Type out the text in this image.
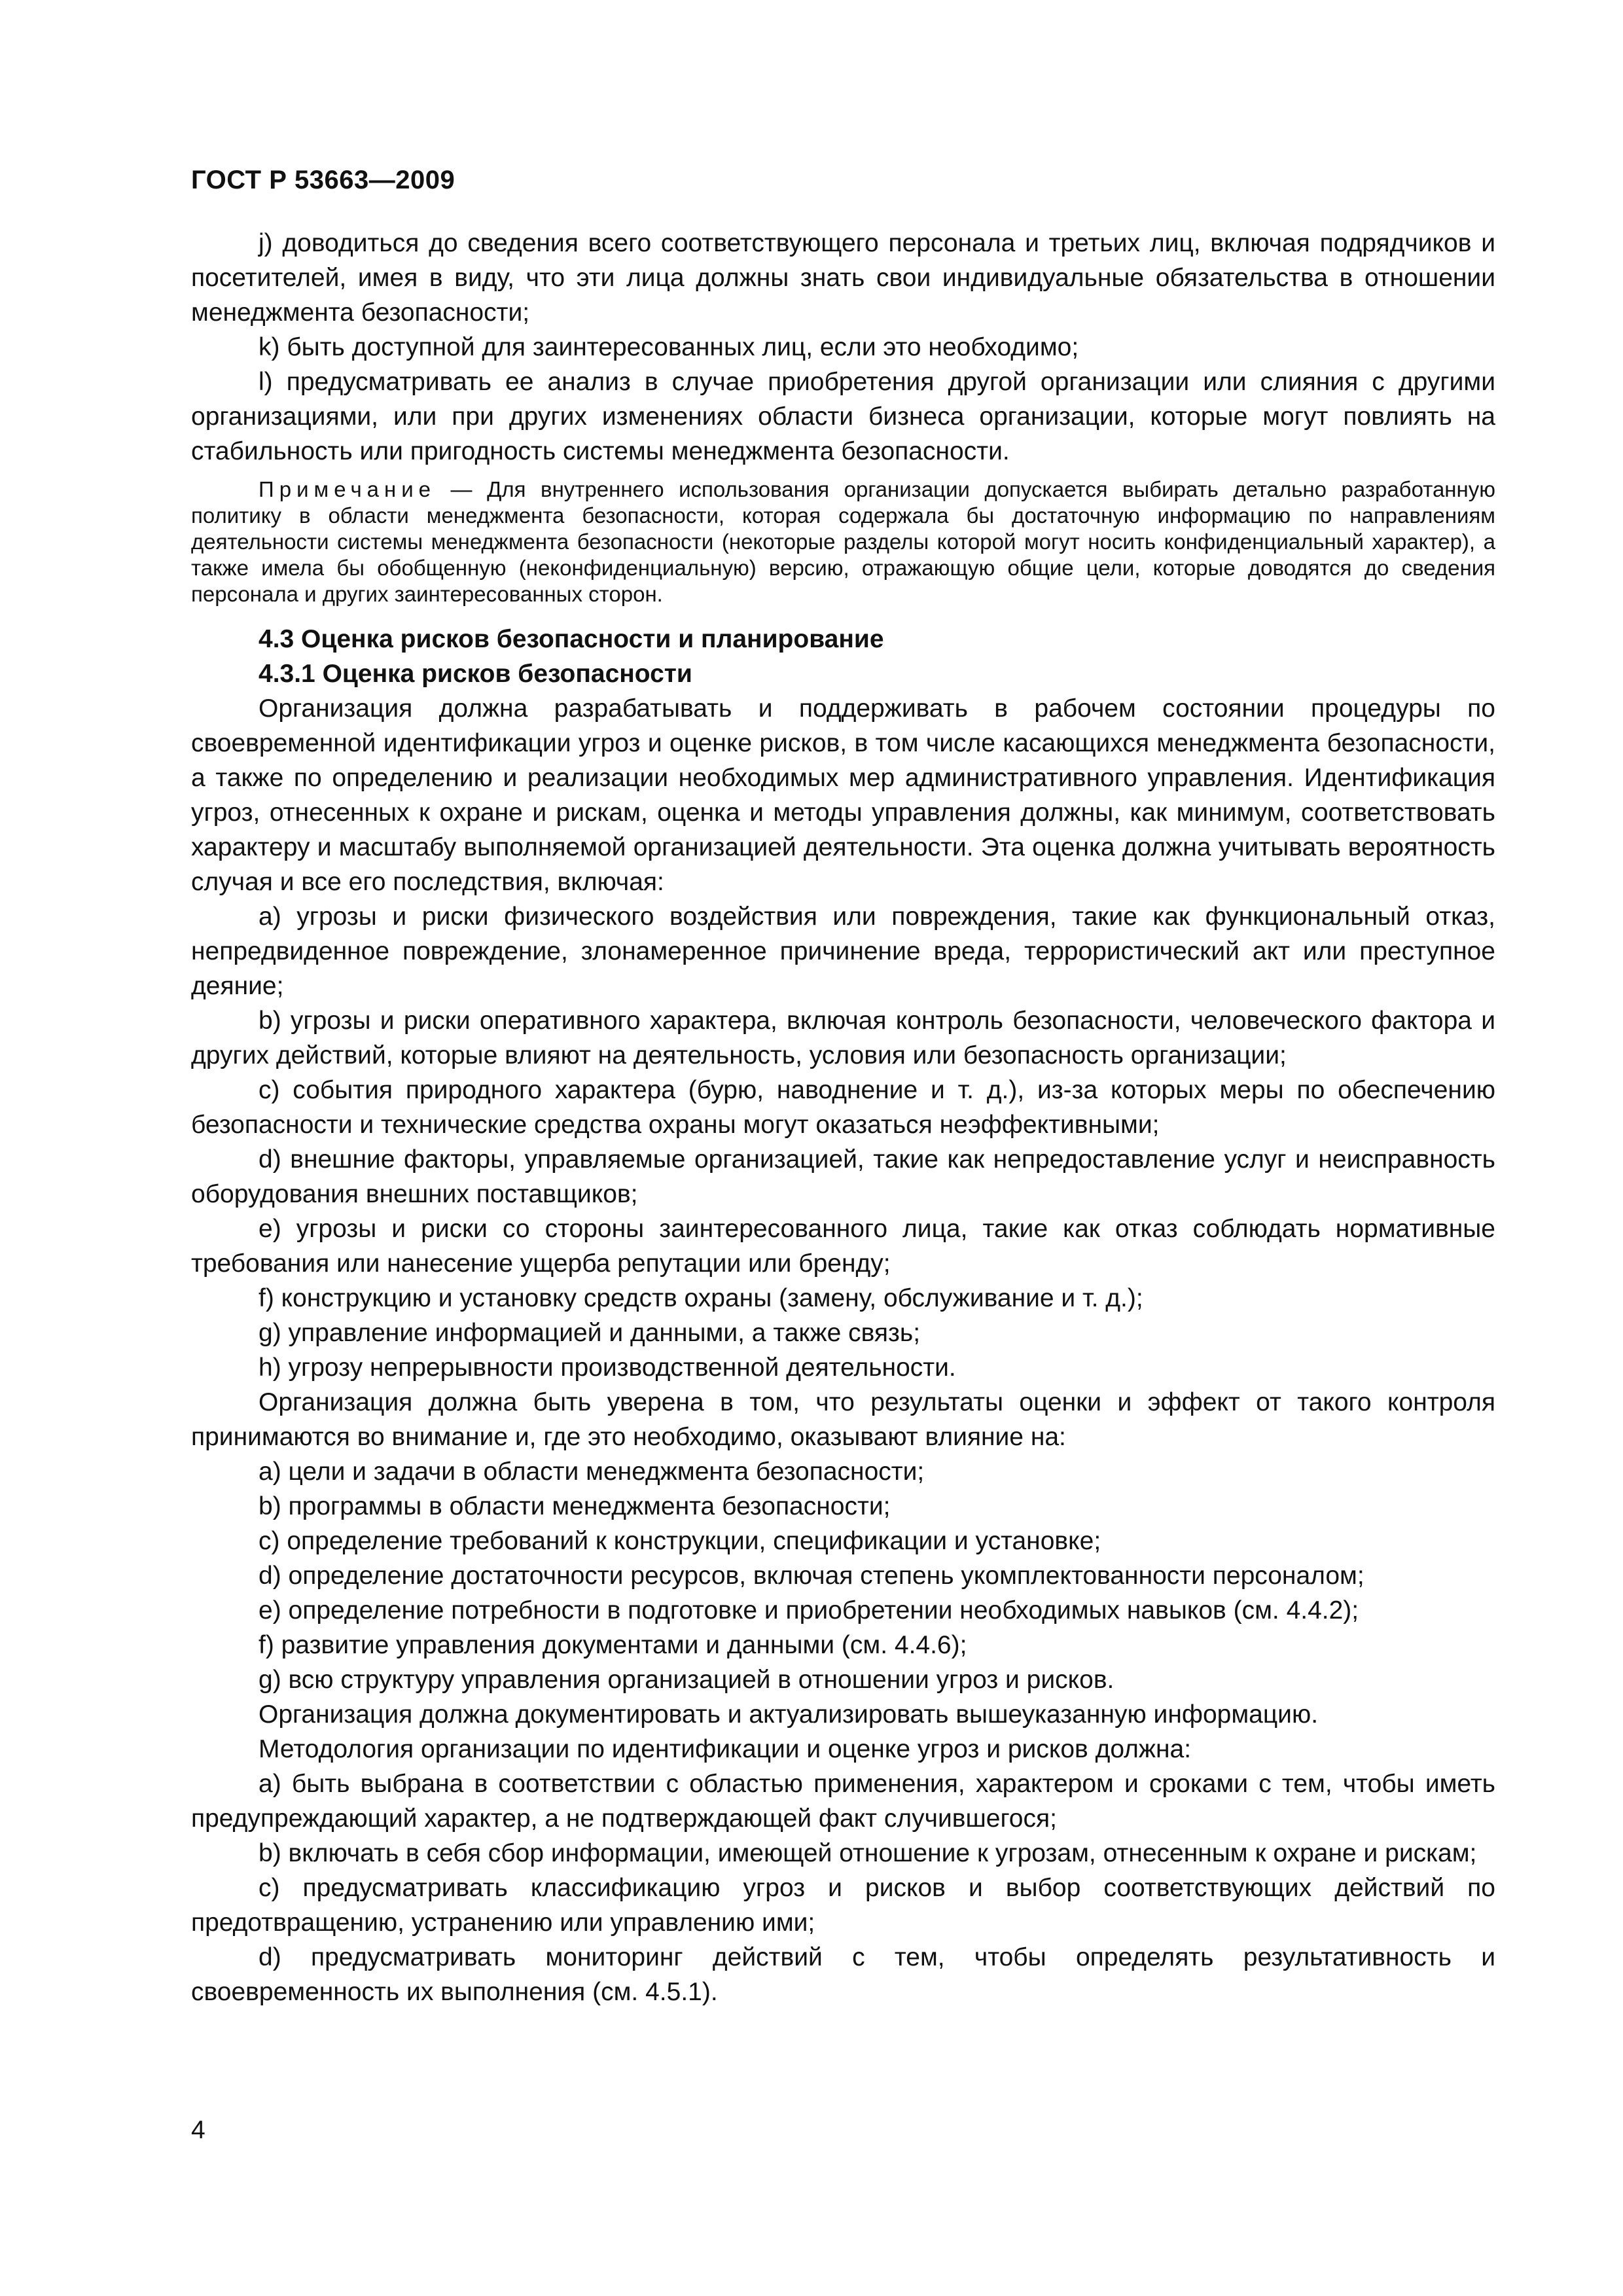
ГОСТ Р 53663—2009

j) доводиться до сведения всего соответствующего персонала и третьих лиц, включая подрядчиков и посетителей, имея в виду, что эти лица должны знать свои индивидуальные обязательства в отношении менеджмента безопасности;

k) быть доступной для заинтересованных лиц, если это необходимо;

l) предусматривать ее анализ в случае приобретения другой организации или слияния с другими организациями, или при других изменениях области бизнеса организации, которые могут повлиять на стабильность или пригодность системы менеджмента безопасности.

Примечание — Для внутреннего использования организации допускается выбирать детально разработанную политику в области менеджмента безопасности, которая содержала бы достаточную информацию по направлениям деятельности системы менеджмента безопасности (некоторые разделы которой могут носить конфиденциальный характер), а также имела бы обобщенную (неконфиденциальную) версию, отражающую общие цели, которые доводятся до сведения персонала и других заинтересованных сторон.

4.3 Оценка рисков безопасности и планирование

4.3.1 Оценка рисков безопасности

Организация должна разрабатывать и поддерживать в рабочем состоянии процедуры по своевременной идентификации угроз и оценке рисков, в том числе касающихся менеджмента безопасности, а также по определению и реализации необходимых мер административного управления. Идентификация угроз, отнесенных к охране и рискам, оценка и методы управления должны, как минимум, соответствовать характеру и масштабу выполняемой организацией деятельности. Эта оценка должна учитывать вероятность случая и все его последствия, включая:

a) угрозы и риски физического воздействия или повреждения, такие как функциональный отказ, непредвиденное повреждение, злонамеренное причинение вреда, террористический акт или преступное деяние;

b) угрозы и риски оперативного характера, включая контроль безопасности, человеческого фактора и других действий, которые влияют на деятельность, условия или безопасность организации;

c) события природного характера (бурю, наводнение и т. д.), из-за которых меры по обеспечению безопасности и технические средства охраны могут оказаться неэффективными;

d) внешние факторы, управляемые организацией, такие как непредоставление услуг и неисправность оборудования внешних поставщиков;

e) угрозы и риски со стороны заинтересованного лица, такие как отказ соблюдать нормативные требования или нанесение ущерба репутации или бренду;

f) конструкцию и установку средств охраны (замену, обслуживание и т. д.);

g) управление информацией и данными, а также связь;

h) угрозу непрерывности производственной деятельности.

Организация должна быть уверена в том, что результаты оценки и эффект от такого контроля принимаются во внимание и, где это необходимо, оказывают влияние на:

a) цели и задачи в области менеджмента безопасности;

b) программы в области менеджмента безопасности;

c) определение требований к конструкции, спецификации и установке;

d) определение достаточности ресурсов, включая степень укомплектованности персоналом;

e) определение потребности в подготовке и приобретении необходимых навыков (см. 4.4.2);

f) развитие управления документами и данными (см. 4.4.6);

g) всю структуру управления организацией в отношении угроз и рисков.

Организация должна документировать и актуализировать вышеуказанную информацию.

Методология организации по идентификации и оценке угроз и рисков должна:

a) быть выбрана в соответствии с областью применения, характером и сроками с тем, чтобы иметь предупреждающий характер, а не подтверждающей факт случившегося;

b) включать в себя сбор информации, имеющей отношение к угрозам, отнесенным к охране и рискам;

c) предусматривать классификацию угроз и рисков и выбор соответствующих действий по предотвращению, устранению или управлению ими;

d) предусматривать мониторинг действий с тем, чтобы определять результативность и своевременность их выполнения (см. 4.5.1).

4
